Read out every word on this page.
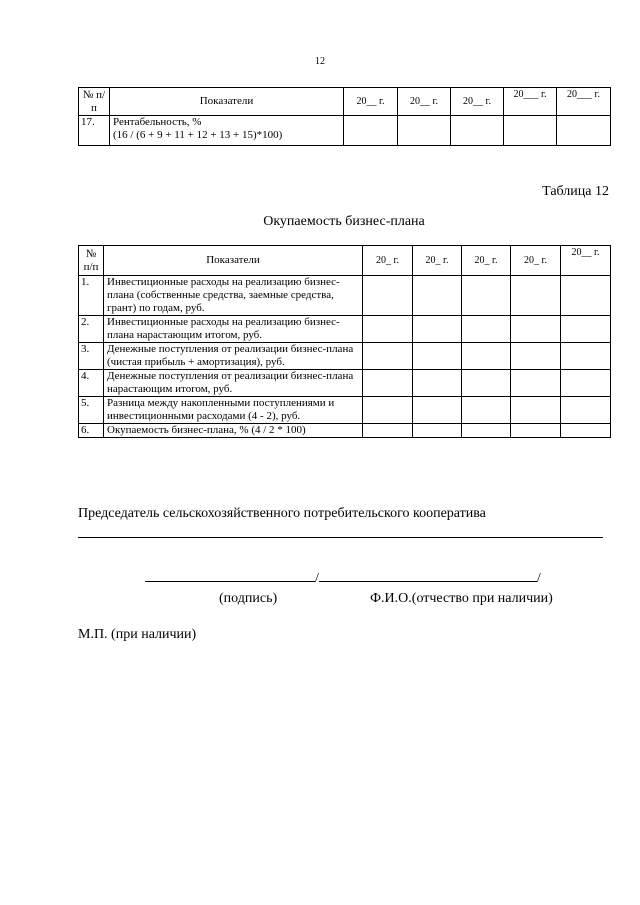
12
№ п/п	Показатели	20__ г.	20__ г.	20__ г.	20___ г.	20___ г.
17.	Рентабельность, %
(16 / (6 + 9 + 11 + 12 + 13 + 15)*100)					

Таблица 12
Окупаемость бизнес-плана
№ п/п	Показатели	20_ г.	20_ г.	20_ г.	20_ г.	20__ г.
1.	Инвестиционные расходы на реализацию бизнес-плана (собственные средства, заемные средства, грант) по годам, руб.					
2.	Инвестиционные расходы на реализацию бизнес-плана нарастающим итогом, руб.					
3.	Денежные поступления от реализации бизнес-плана (чистая прибыль + амортизация), руб.					
4.	Денежные поступления от реализации бизнес-плана нарастающим итогом, руб.					
5.	Разница между накопленными поступлениями и инвестиционными расходами (4 - 2), руб.					
6.	Окупаемость бизнес-плана, % (4 / 2 * 100)					
Председатель сельскохозяйственного потребительского кооператива
/	/
(подпись)	Ф.И.О.(отчество при наличии)
М.П. (при наличии)
